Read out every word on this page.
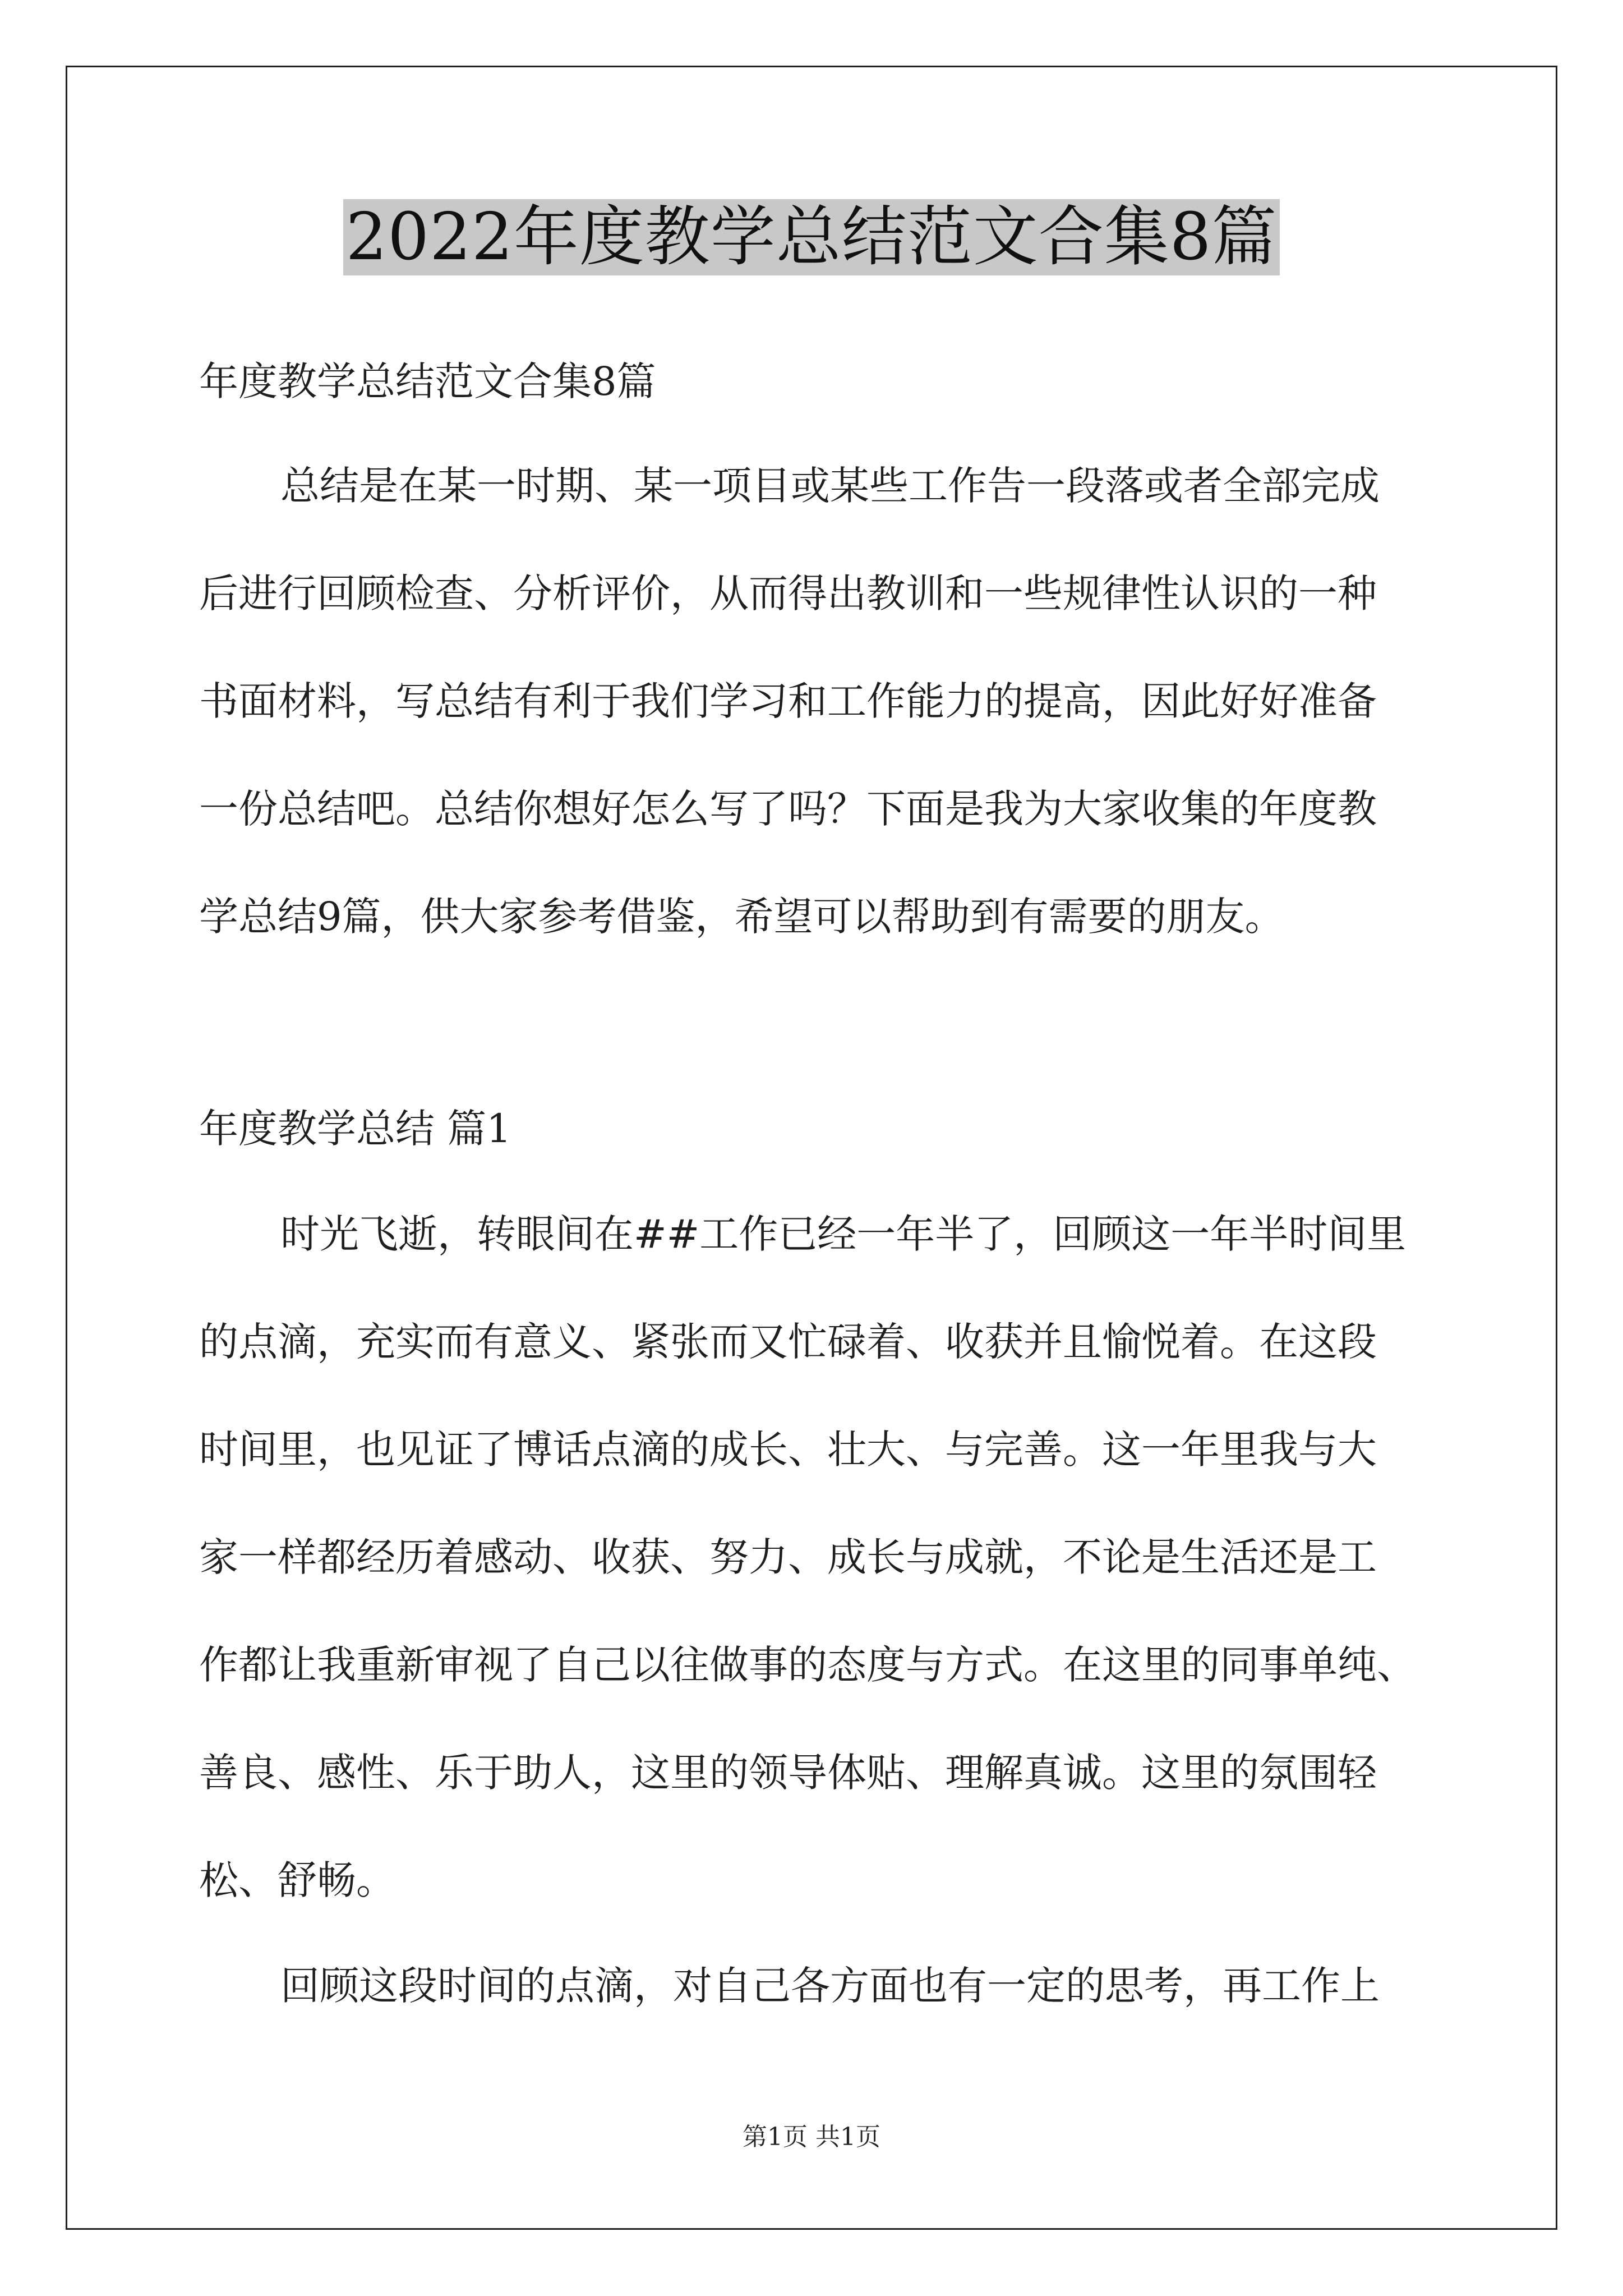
2022年度教学总结范文合集8篇
年度教学总结范文合集8篇
总结是在某一时期、某一项目或某些工作告一段落或者全部完成
后进行回顾检查、分析评价，从而得出教训和一些规律性认识的一种
书面材料，写总结有利于我们学习和工作能力的提高，因此好好准备
一份总结吧。总结你想好怎么写了吗？下面是我为大家收集的年度教
学总结9篇，供大家参考借鉴，希望可以帮助到有需要的朋友。
年度教学总结 篇1
时光飞逝，转眼间在##工作已经一年半了，回顾这一年半时间里
的点滴，充实而有意义、紧张而又忙碌着、收获并且愉悦着。在这段
时间里，也见证了博话点滴的成长、壮大、与完善。这一年里我与大
家一样都经历着感动、收获、努力、成长与成就，不论是生活还是工
作都让我重新审视了自己以往做事的态度与方式。在这里的同事单纯、
善良、感性、乐于助人，这里的领导体贴、理解真诚。这里的氛围轻
松、舒畅。
回顾这段时间的点滴，对自己各方面也有一定的思考，再工作上
第1页 共1页
